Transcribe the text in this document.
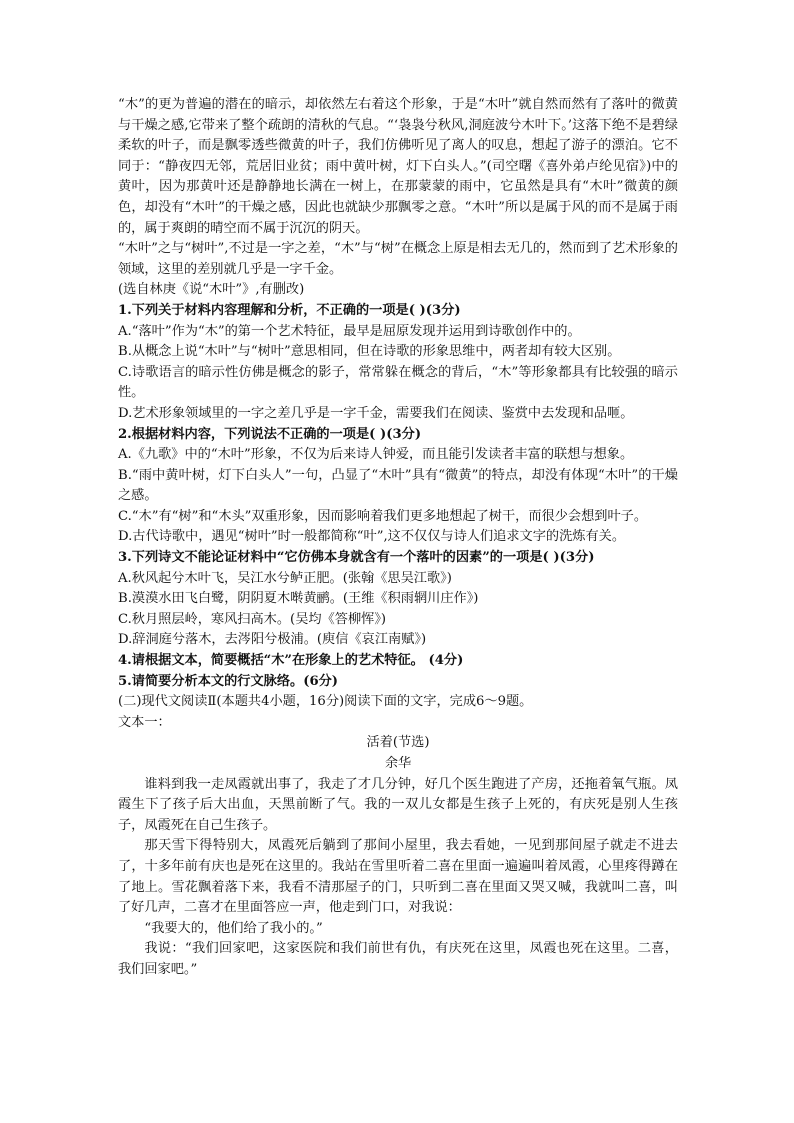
“木”的更为普遍的潜在的暗示，却依然左右着这个形象，于是“木叶”就自然而然有了落叶的微黄与干燥之感,它带来了整个疏朗的清秋的气息。“‘袅袅兮秋风,洞庭波兮木叶下。’这落下绝不是碧绿柔软的叶子，而是飘零透些微黄的叶子，我们仿佛听见了离人的叹息，想起了游子的漂泊。它不同于：“静夜四无邻，荒居旧业贫；雨中黄叶树，灯下白头人。”(司空曙《喜外弟卢纶见宿》)中的黄叶，因为那黄叶还是静静地长满在一树上，在那蒙蒙的雨中，它虽然是具有“木叶”微黄的颜色，却没有“木叶”的干燥之感，因此也就缺少那飘零之意。“木叶”所以是属于风的而不是属于雨的，属于爽朗的晴空而不属于沉沉的阴天。

“木叶”之与“树叶”,不过是一字之差，“木”与“树”在概念上原是相去无几的，然而到了艺术形象的领域，这里的差别就几乎是一字千金。

(选自林庚《说“木叶”》,有删改)

1.下列关于材料内容理解和分析，不正确的一项是( )(3分)

A.“落叶”作为“木”的第一个艺术特征，最早是屈原发现并运用到诗歌创作中的。

B.从概念上说“木叶”与“树叶”意思相同，但在诗歌的形象思维中，两者却有较大区别。

C.诗歌语言的暗示性仿佛是概念的影子，常常躲在概念的背后，“木”等形象都具有比较强的暗示性。

D.艺术形象领域里的一字之差几乎是一字千金，需要我们在阅读、鉴赏中去发现和品咂。

2.根据材料内容，下列说法不正确的一项是( )(3分)

A.《九歌》中的“木叶”形象，不仅为后来诗人钟爱，而且能引发读者丰富的联想与想象。

B.“雨中黄叶树，灯下白头人”一句，凸显了“木叶”具有“微黄”的特点，却没有体现“木叶”的干燥之感。

C.“木”有“树”和“木头”双重形象，因而影响着我们更多地想起了树干，而很少会想到叶子。

D.古代诗歌中，遇见“树叶”时一般都简称“叶”,这不仅仅与诗人们追求文字的洗炼有关。

3.下列诗文不能论证材料中“它仿佛本身就含有一个落叶的因素”的一项是( )(3分)

A.秋风起兮木叶飞，吴江水兮鲈正肥。(张翰《思吴江歌》)

B.漠漠水田飞白鹭，阴阴夏木啭黄鹂。(王维《积雨辋川庄作》)

C.秋月照层岭，寒风扫高木。(吴均《答柳恽》)

D.辞洞庭兮落木，去涔阳兮极浦。(庾信《哀江南赋》)

4.请根据文本，简要概括“木”在形象上的艺术特征。 (4分)

5.请简要分析本文的行文脉络。(6分)

(二)现代文阅读Ⅱ(本题共4小题，16分)阅读下面的文字，完成6～9题。

文本一：

活着(节选)

余华

谁料到我一走凤霞就出事了，我走了才几分钟，好几个医生跑进了产房，还拖着氧气瓶。凤霞生下了孩子后大出血，天黑前断了气。我的一双儿女都是生孩子上死的，有庆死是别人生孩子，凤霞死在自己生孩子。

那天雪下得特别大，凤霞死后躺到了那间小屋里，我去看她，一见到那间屋子就走不进去了，十多年前有庆也是死在这里的。我站在雪里听着二喜在里面一遍遍叫着凤霞，心里疼得蹲在了地上。雪花飘着落下来，我看不清那屋子的门，只听到二喜在里面又哭又喊，我就叫二喜，叫了好几声，二喜才在里面答应一声，他走到门口，对我说：

“我要大的，他们给了我小的。”

我说：“我们回家吧，这家医院和我们前世有仇，有庆死在这里，凤霞也死在这里。二喜，我们回家吧。”
